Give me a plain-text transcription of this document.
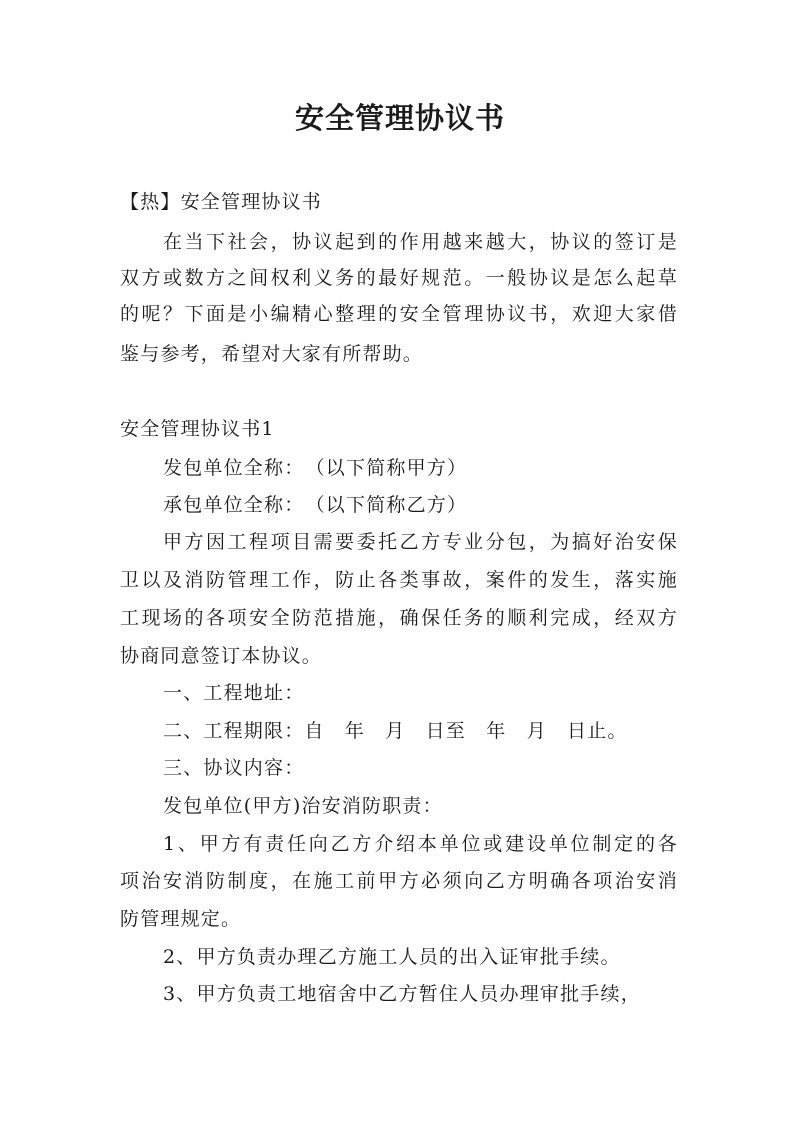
安全管理协议书
【热】安全管理协议书
在当下社会，协议起到的作用越来越大，协议的签订是
双方或数方之间权利义务的最好规范。一般协议是怎么起草
的呢？下面是小编精心整理的安全管理协议书，欢迎大家借
鉴与参考，希望对大家有所帮助。
安全管理协议书1
发包单位全称：　（以下简称甲方）
承包单位全称：　（以下简称乙方）
甲方因工程项目需要委托乙方专业分包，为搞好治安保
卫以及消防管理工作，防止各类事故，案件的发生，落实施
工现场的各项安全防范措施，确保任务的顺利完成，经双方
协商同意签订本协议。
一、工程地址：
二、工程期限：自　年　月　日至　年　月　日止。
三、协议内容：
发包单位(甲方)治安消防职责：
1、甲方有责任向乙方介绍本单位或建设单位制定的各
项治安消防制度，在施工前甲方必须向乙方明确各项治安消
防管理规定。
2、甲方负责办理乙方施工人员的出入证审批手续。
3、甲方负责工地宿舍中乙方暂住人员办理审批手续，
